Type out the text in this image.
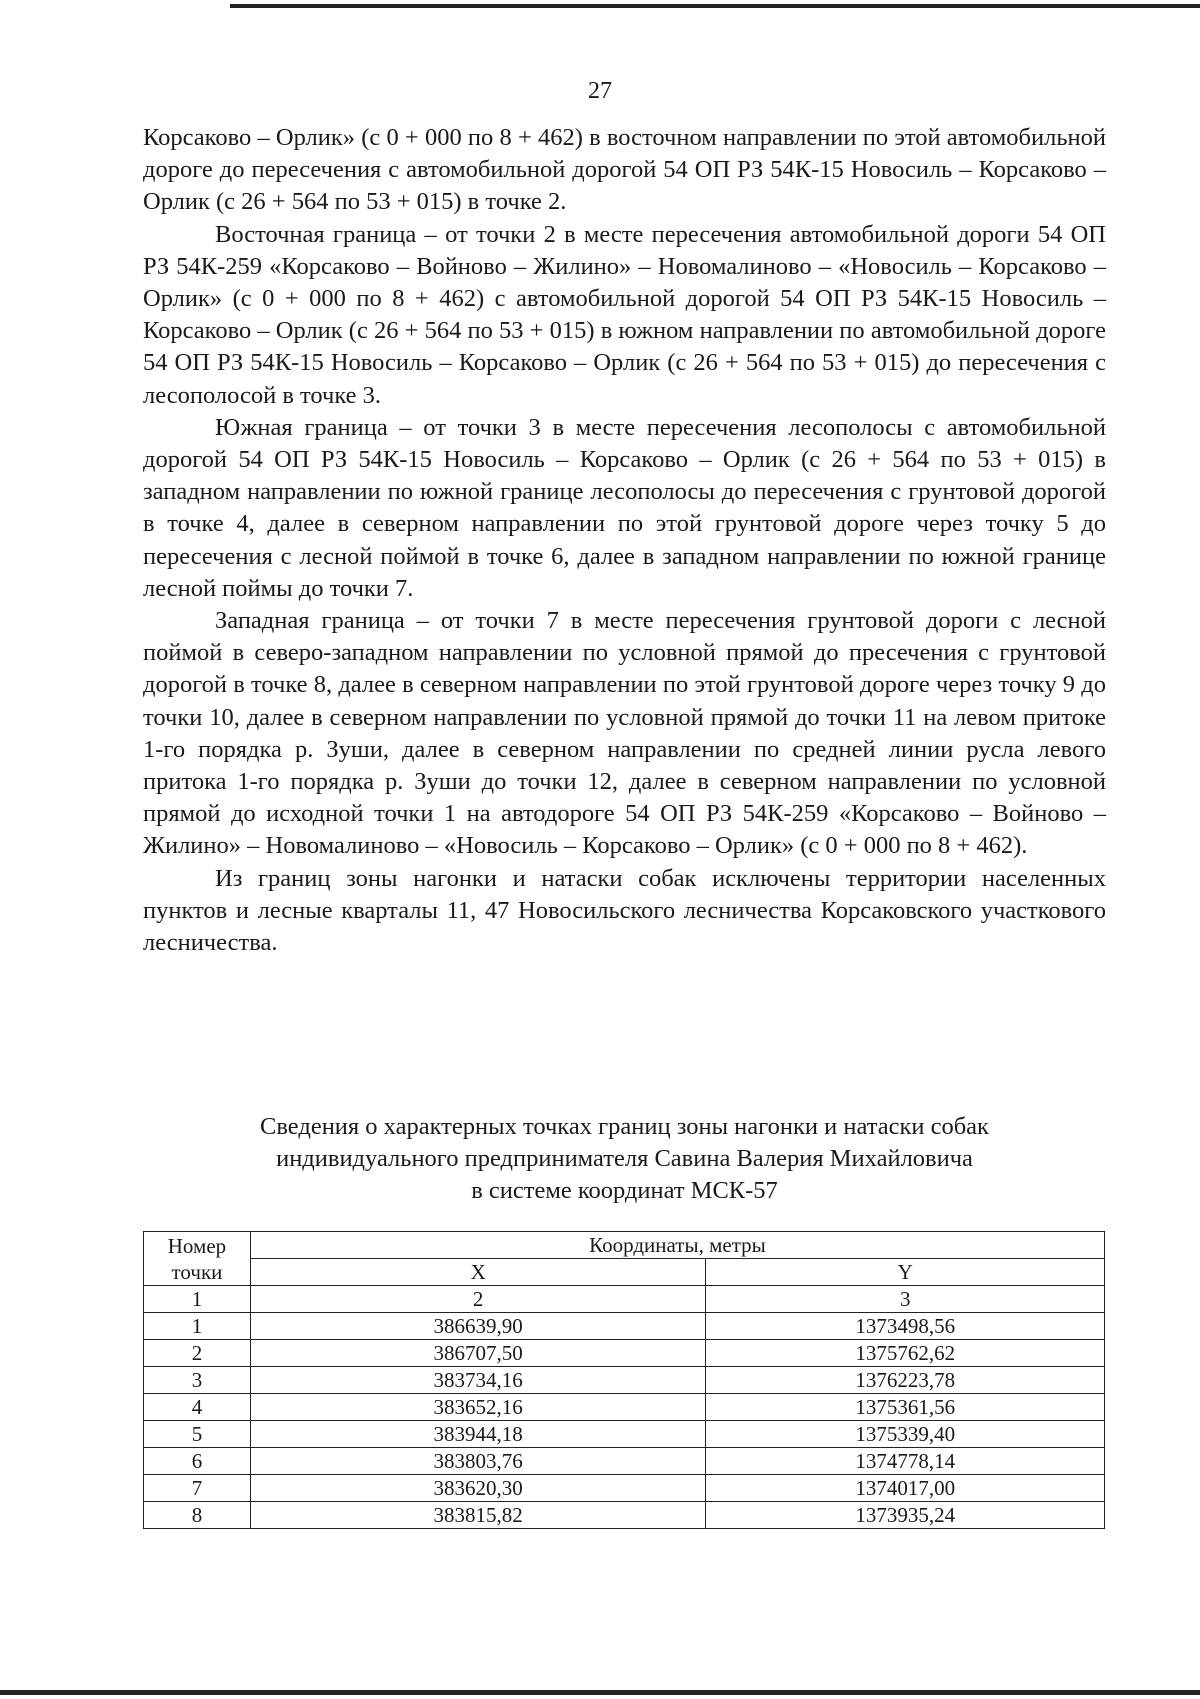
27

Корсаково – Орлик» (с 0 + 000 по 8 + 462) в восточном направлении по этой автомобильной дороге до пересечения с автомобильной дорогой 54 ОП РЗ 54К-15 Новосиль – Корсаково – Орлик (с 26 + 564 по 53 + 015) в точке 2.

Восточная граница – от точки 2 в месте пересечения автомобильной дороги 54 ОП РЗ 54К-259 «Корсаково – Войново – Жилино» – Новомалиново – «Новосиль – Корсаково – Орлик» (с 0 + 000 по 8 + 462) с автомобильной дорогой 54 ОП РЗ 54К-15 Новосиль – Корсаково – Орлик (с 26 + 564 по 53 + 015) в южном направлении по автомобильной дороге 54 ОП РЗ 54К-15 Новосиль – Корсаково – Орлик (с 26 + 564 по 53 + 015) до пересечения с лесополосой в точке 3.

Южная граница – от точки 3 в месте пересечения лесополосы с автомобильной дорогой 54 ОП РЗ 54К-15 Новосиль – Корсаково – Орлик (с 26 + 564 по 53 + 015) в западном направлении по южной границе лесополосы до пересечения с грунтовой дорогой в точке 4, далее в северном направлении по этой грунтовой дороге через точку 5 до пересечения с лесной поймой в точке 6, далее в западном направлении по южной границе лесной поймы до точки 7.

Западная граница – от точки 7 в месте пересечения грунтовой дороги с лесной поймой в северо-западном направлении по условной прямой до пресечения с грунтовой дорогой в точке 8, далее в северном направлении по этой грунтовой дороге через точку 9 до точки 10, далее в северном направлении по условной прямой до точки 11 на левом притоке 1-го порядка р. Зуши, далее в северном направлении по средней линии русла левого притока 1-го порядка р. Зуши до точки 12, далее в северном направлении по условной прямой до исходной точки 1 на автодороге 54 ОП РЗ 54К-259 «Корсаково – Войново – Жилино» – Новомалиново – «Новосиль – Корсаково – Орлик» (с 0 + 000 по 8 + 462).

Из границ зоны нагонки и натаски собак исключены территории населенных пунктов и лесные кварталы 11, 47 Новосильского лесничества Корсаковского участкового лесничества.

Сведения о характерных точках границ зоны нагонки и натаски собак
индивидуального предпринимателя Савина Валерия Михайловича
в системе координат МСК-57
Номер точки	Координаты, метры	
	X	Y
1	2	3
1	386639,90	1373498,56
2	386707,50	1375762,62
3	383734,16	1376223,78
4	383652,16	1375361,56
5	383944,18	1375339,40
6	383803,76	1374778,14
7	383620,30	1374017,00
8	383815,82	1373935,24
